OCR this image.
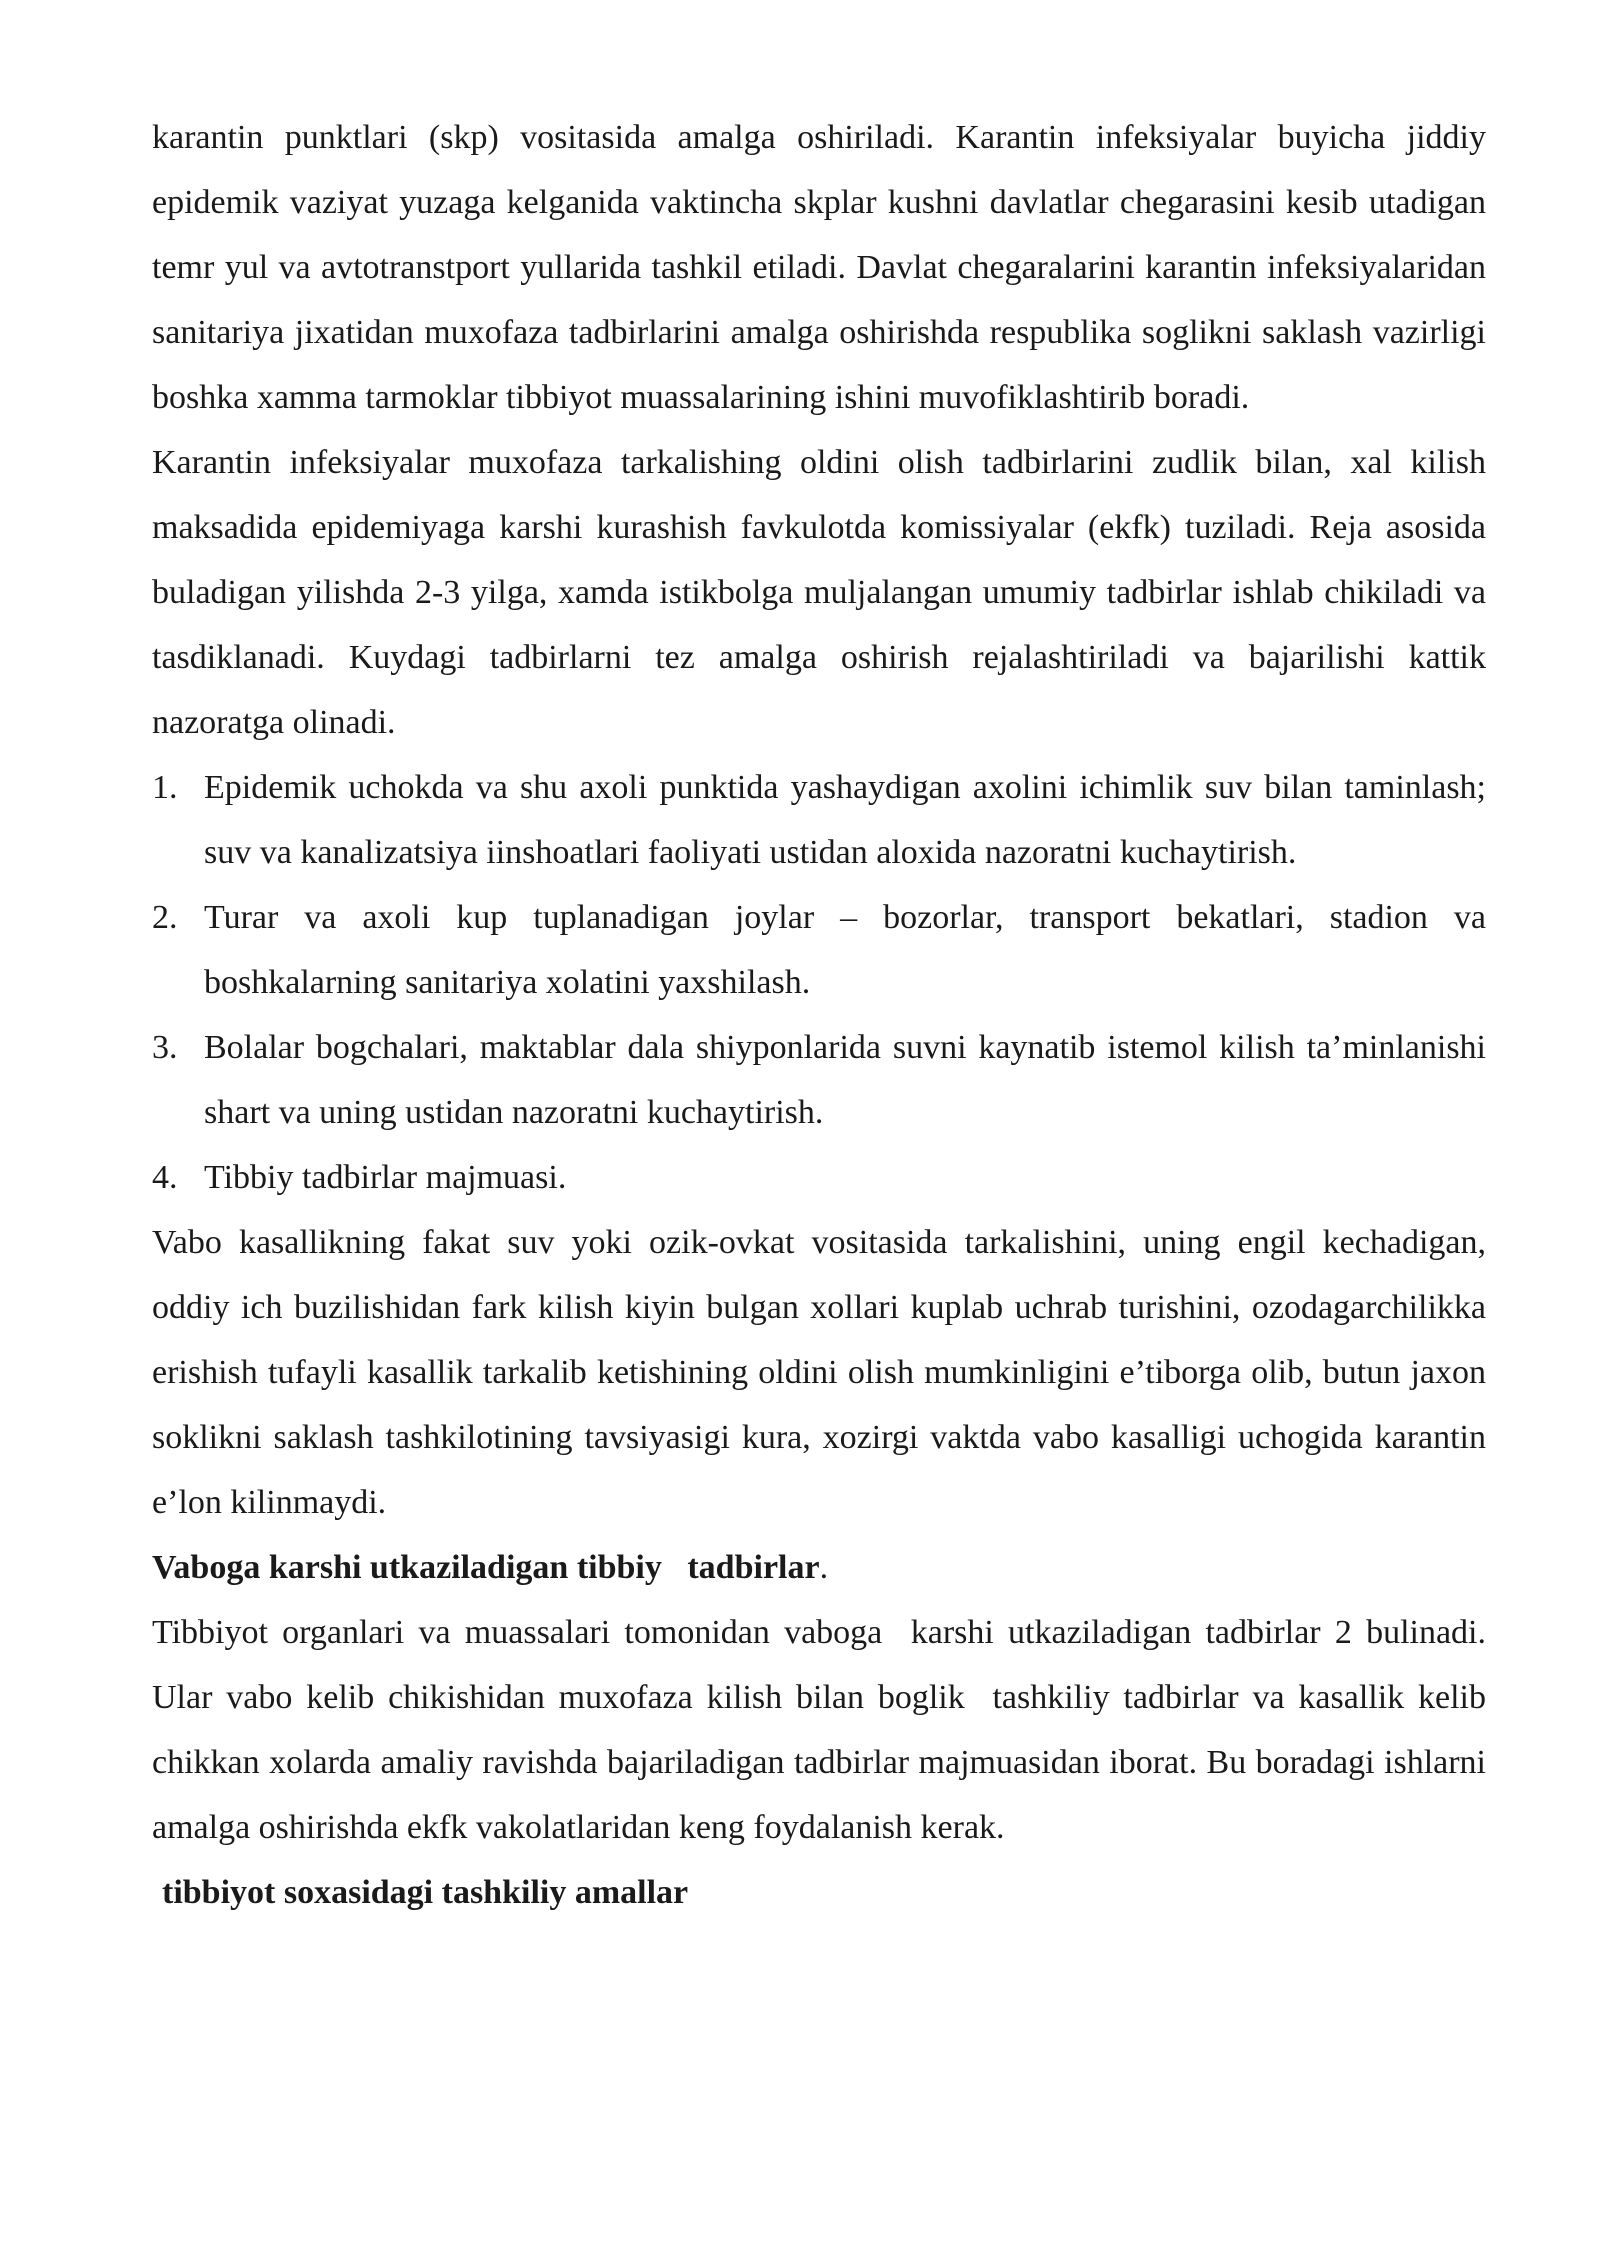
karantin punktlari (skp) vositasida amalga oshiriladi. Karantin infeksiyalar buyicha jiddiy epidemik vaziyat yuzaga kelganida vaktincha skplar kushni davlatlar chegarasini kesib utadigan temr yul va avtotranstport yullarida tashkil etiladi. Davlat chegaralarini karantin infeksiyalaridan sanitariya jixatidan muxofaza tadbirlarini amalga oshirishda respublika soglikni saklash vazirligi boshka xamma tarmoklar tibbiyot muassalarining ishini muvofiklashtirib boradi.

Karantin infeksiyalar muxofaza tarkalishing oldini olish tadbirlarini zudlik bilan, xal kilish maksadida epidemiyaga karshi kurashish favkulotda komissiyalar (ekfk) tuziladi. Reja asosida buladigan yilishda 2-3 yilga, xamda istikbolga muljalangan umumiy tadbirlar ishlab chikiladi va tasdiklanadi. Kuydagi tadbirlarni tez amalga oshirish rejalashtiriladi va bajarilishi kattik nazoratga olinadi.

1. Epidemik uchokda va shu axoli punktida yashaydigan axolini ichimlik suv bilan taminlash; suv va kanalizatsiya iinshoatlari faoliyati ustidan aloxida nazoratni kuchaytirish.
2. Turar va axoli kup tuplanadigan joylar – bozorlar, transport bekatlari, stadion va boshkalarning sanitariya xolatini yaxshilash.
3. Bolalar bogchalari, maktablar dala shiyponlarida suvni kaynatib istemol kilish ta’minlanishi shart va uning ustidan nazoratni kuchaytirish.
4. Tibbiy tadbirlar majmuasi.

Vabo kasallikning fakat suv yoki ozik-ovkat vositasida tarkalishini, uning engil kechadigan, oddiy ich buzilishidan fark kilish kiyin bulgan xollari kuplab uchrab turishini, ozodagarchilikka erishish tufayli kasallik tarkalib ketishining oldini olish mumkinligini e’tiborga olib, butun jaxon soklikni saklash tashkilotining tavsiyasigi kura, xozirgi vaktda vabo kasalligi uchogida karantin e’lon kilinmaydi.

Vaboga karshi utkaziladigan tibbiy   tadbirlar.

Tibbiyot organlari va muassalari tomonidan vaboga  karshi utkaziladigan tadbirlar 2 bulinadi. Ular vabo kelib chikishidan muxofaza kilish bilan boglik  tashkiliy tadbirlar va kasallik kelib chikkan xolarda amaliy ravishda bajariladigan tadbirlar majmuasidan iborat. Bu boradagi ishlarni amalga oshirishda ekfk vakolatlaridan keng foydalanish kerak.

tibbiyot soxasidagi tashkiliy amallar
